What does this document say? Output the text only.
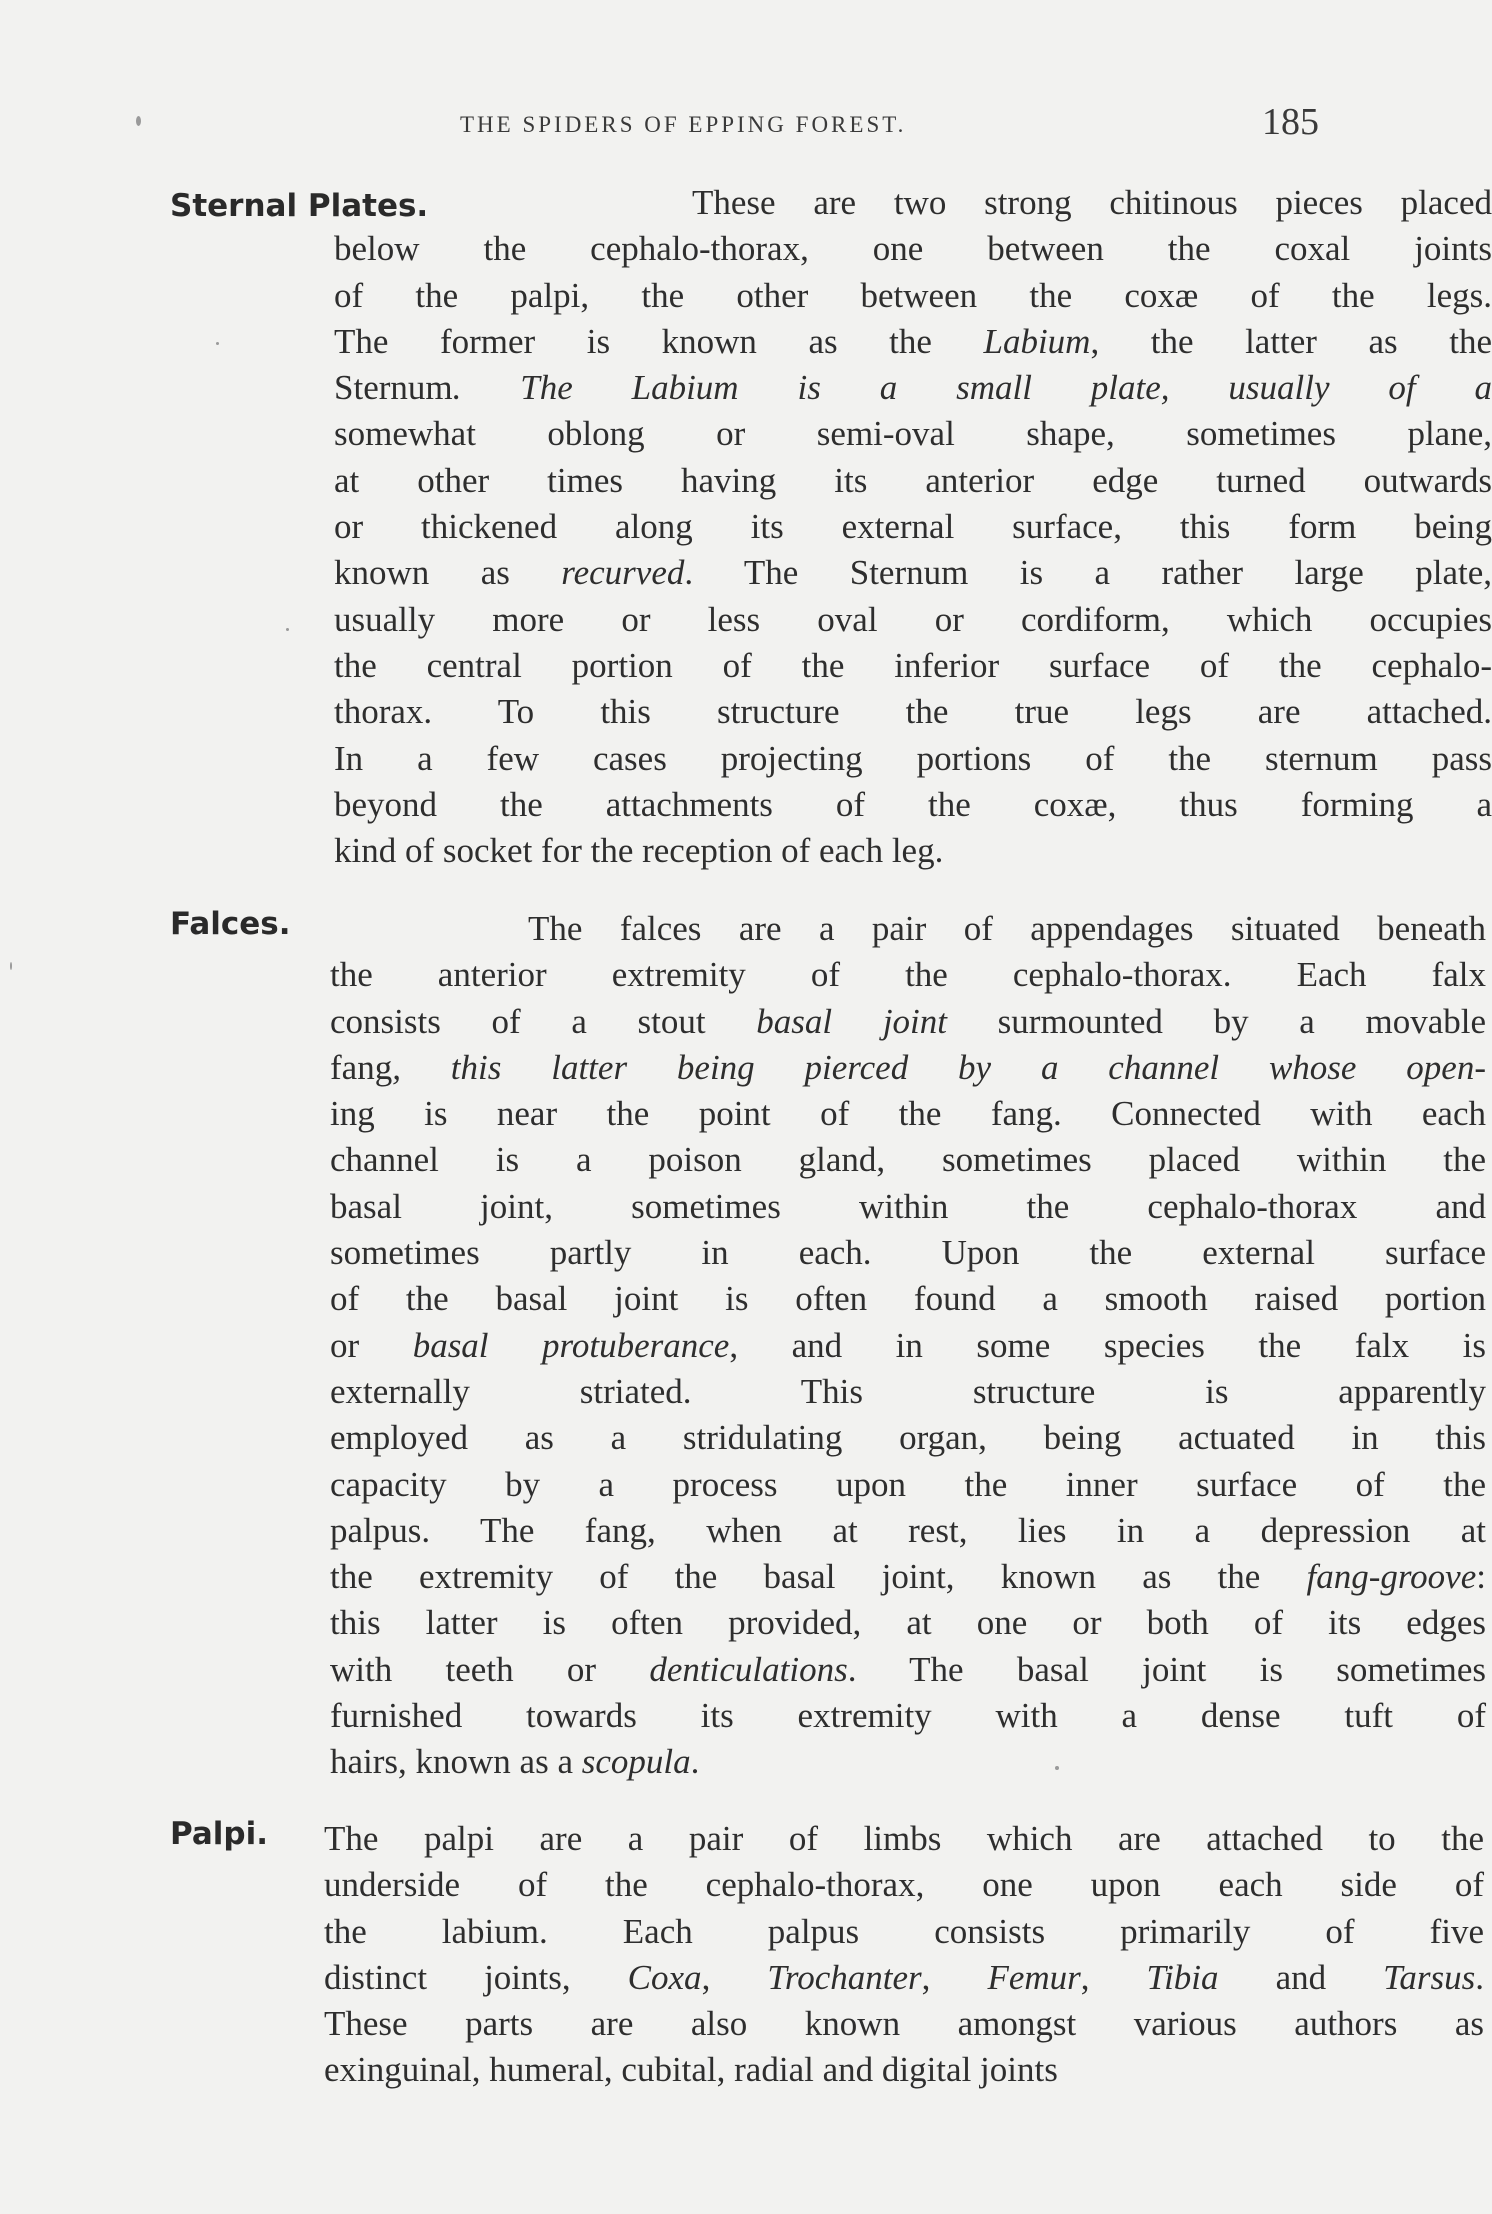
THE SPIDERS OF EPPING FOREST.	185
Sternal Plates.	These are two strong chitinous pieces placed
below the cephalo-thorax, one between the coxal joints
of the palpi, the other between the coxæ of the legs.
The former is known as the Labium, the latter as the
Sternum. The Labium is a small plate, usually of a
somewhat oblong or semi-oval shape, sometimes plane,
at other times having its anterior edge turned outwards
or thickened along its external surface, this form being
known as recurved. The Sternum is a rather large plate,
usually more or less oval or cordiform, which occupies
the central portion of the inferior surface of the cephalo-
thorax. To this structure the true legs are attached.
In a few cases projecting portions of the sternum pass
beyond the attachments of the coxæ, thus forming a
kind of socket for the reception of each leg.
Falces.	The falces are a pair of appendages situated beneath
the anterior extremity of the cephalo-thorax. Each falx
consists of a stout basal joint surmounted by a movable
fang, this latter being pierced by a channel whose open-
ing is near the point of the fang. Connected with each
channel is a poison gland, sometimes placed within the
basal joint, sometimes within the cephalo-thorax and
sometimes partly in each. Upon the external surface
of the basal joint is often found a smooth raised portion
or basal protuberance, and in some species the falx is
externally striated. This structure is apparently
employed as a stridulating organ, being actuated in this
capacity by a process upon the inner surface of the
palpus. The fang, when at rest, lies in a depression at
the extremity of the basal joint, known as the fang-groove:
this latter is often provided, at one or both of its edges
with teeth or denticulations. The basal joint is sometimes
furnished towards its extremity with a dense tuft of
hairs, known as a scopula.
Palpi. The palpi are a pair of limbs which are attached to the
underside of the cephalo-thorax, one upon each side of
the labium. Each palpus consists primarily of five
distinct joints, Coxa, Trochanter, Femur, Tibia and Tarsus.
These parts are also known amongst various authors as
exinguinal, humeral, cubital, radial and digital joints
